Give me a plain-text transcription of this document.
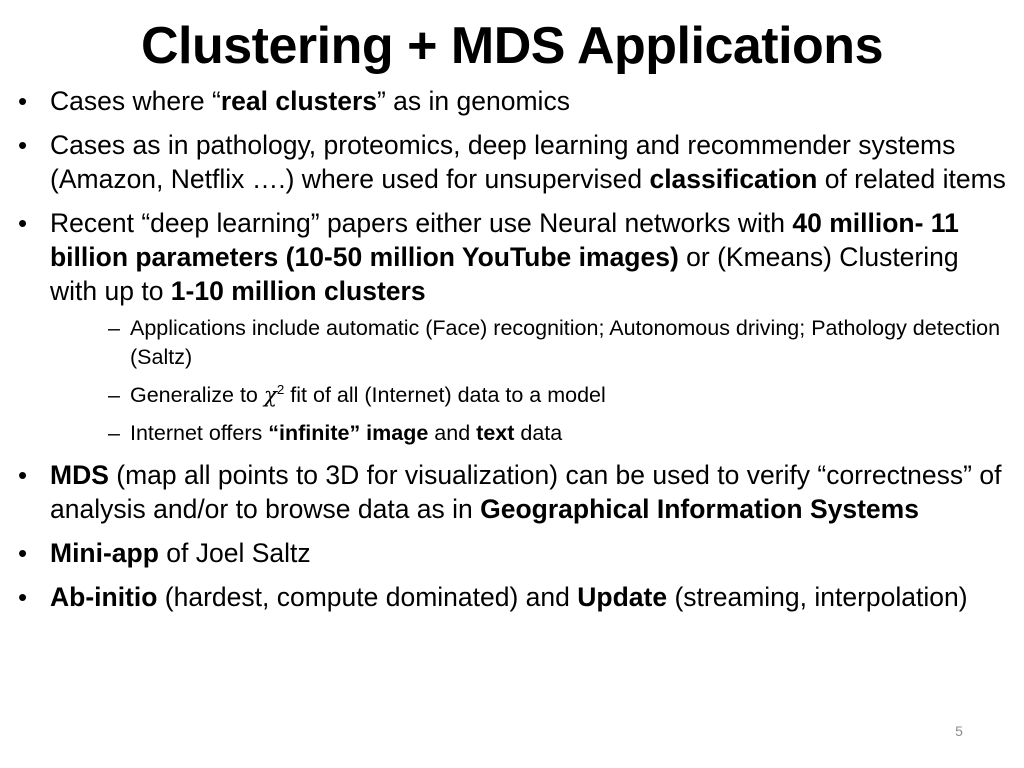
Clustering + MDS Applications
• Cases where “real clusters” as in genomics
• Cases as in pathology, proteomics, deep learning and recommender systems (Amazon, Netflix ….) where used for unsupervised classification of related items
• Recent “deep learning” papers either use Neural networks with 40 million- 11 billion parameters (10-50 million YouTube images) or (Kmeans) Clustering with up to 1-10 million clusters
– Applications include automatic (Face) recognition; Autonomous driving; Pathology detection (Saltz)
– Generalize to $\chi^2$ fit of all (Internet) data to a model
– Internet offers “infinite” image and text data
• MDS (map all points to 3D for visualization) can be used to verify “correctness” of analysis and/or to browse data as in Geographical Information Systems
• Mini-app of Joel Saltz
• Ab-initio (hardest, compute dominated) and Update (streaming, interpolation)
5
